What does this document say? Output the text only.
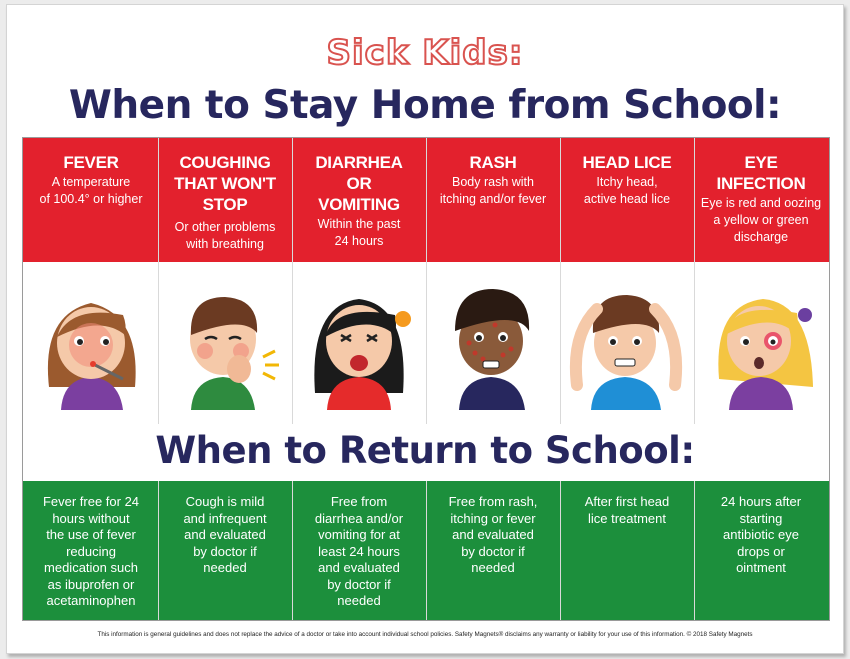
Sick Kids:
When to Stay Home from School:
When to Return to School:
FEVER
A temperature
of 100.4° or higher
COUGHING
THAT WON'T
STOP
Or other problems
with breathing
DIARRHEA
OR
VOMITING
Within the past
24 hours
RASH
Body rash with
itching and/or fever
HEAD LICE
Itchy head,
active head lice
EYE
INFECTION
Eye is red and oozing
a yellow or green
discharge
Fever free for 24
hours without
the use of fever
reducing
medication such
as ibuprofen or
acetaminophen
Cough is mild
and infrequent
and evaluated
by doctor if
needed
Free from
diarrhea and/or
vomiting for at
least 24 hours
and evaluated
by doctor if
needed
Free from rash,
itching or fever
and evaluated
by doctor if
needed
After first head
lice treatment
24 hours after
starting
antibiotic eye
drops or
ointment
This information is general guidelines and does not replace the advice of a doctor or take into account individual school policies. Safety Magnets® disclaims any warranty or liability for your use of this information. © 2018 Safety Magnets
